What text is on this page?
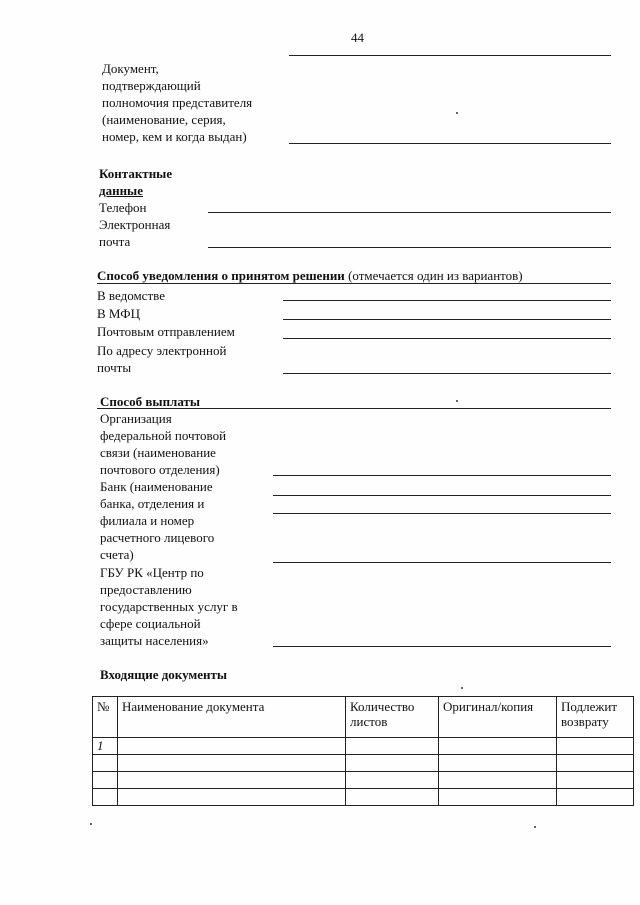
44
Документ,
подтверждающий
полномочия представителя
(наименование, серия,
номер, кем и когда выдан)
Контактные
данные
Телефон
Электронная
почта
Способ уведомления о принятом решении (отмечается один из вариантов)
В ведомстве
В МФЦ
Почтовым отправлением
По адресу электронной
почты
Способ выплаты
Организация
федеральной почтовой
связи (наименование
почтового отделения)
Банк (наименование
банка, отделения и
филиала и номер
расчетного лицевого
счета)
ГБУ РК «Центр по
предоставлению
государственных услуг в
сфере социальной
защиты населения»
Входящие документы
№	Наименование документа	Количество листов	Оригинал/копия	Подлежит возврату
1				
